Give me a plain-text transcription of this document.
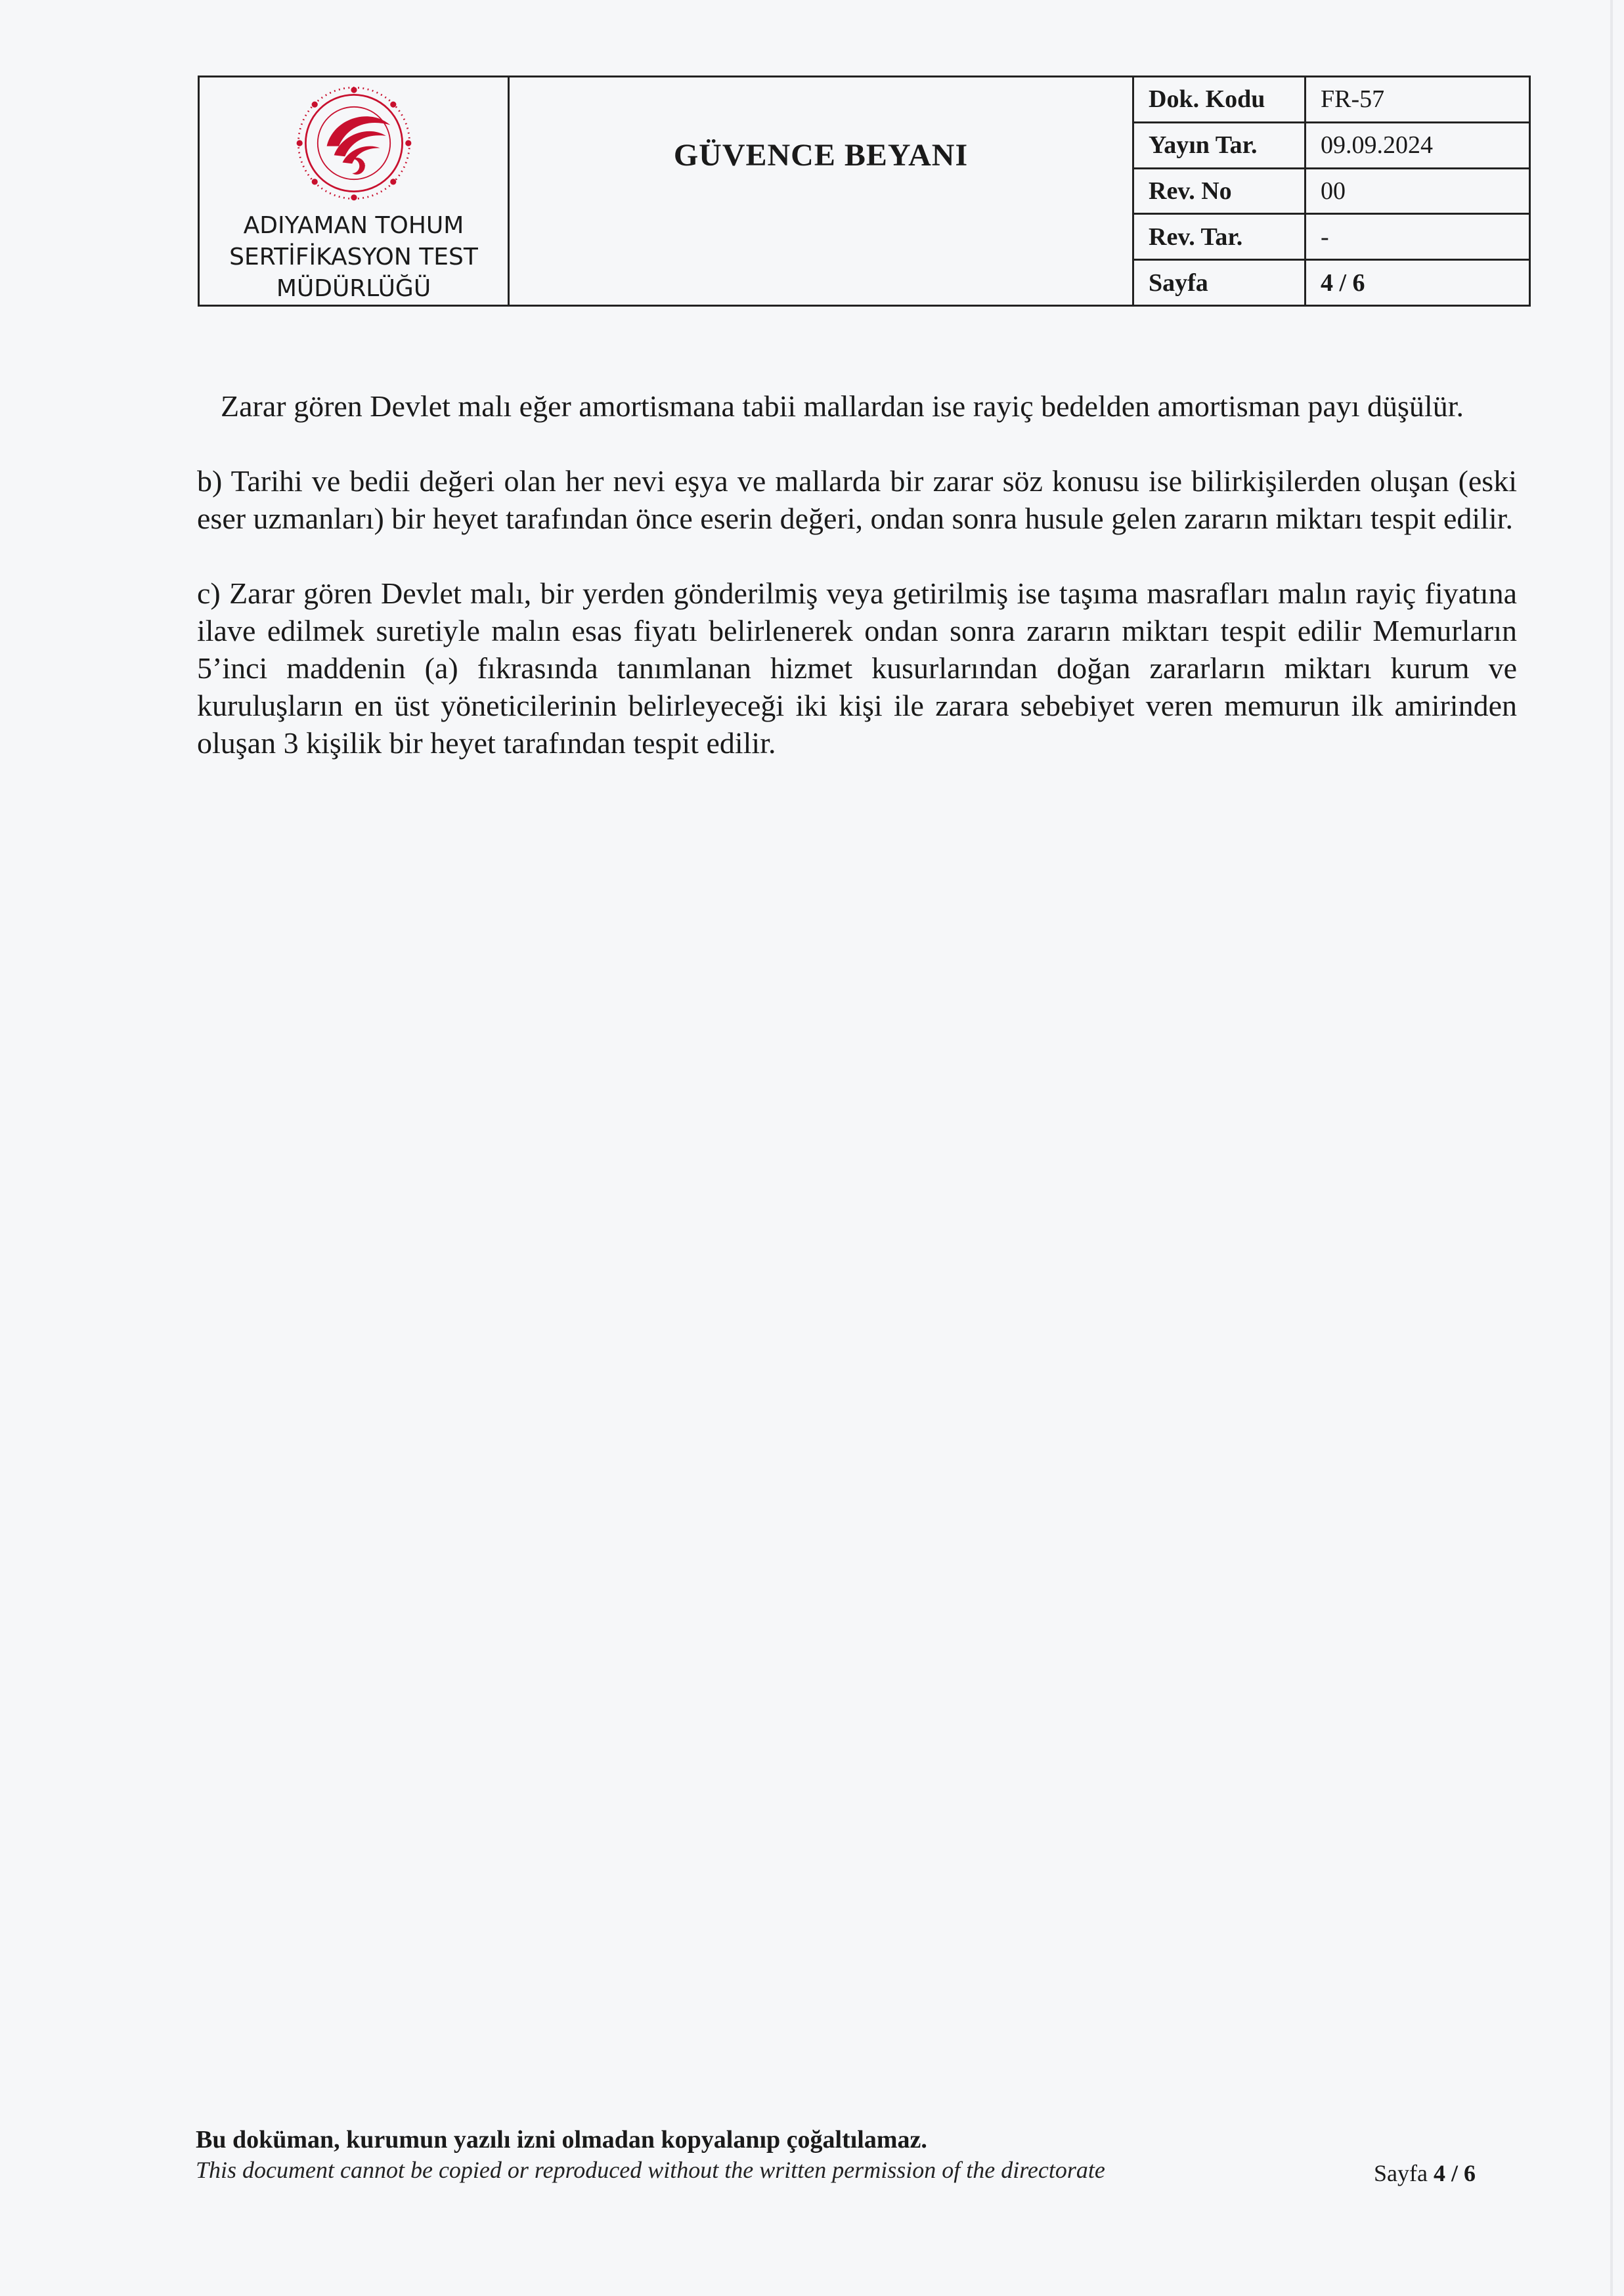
ADIYAMAN TOHUM
SERTİFİKASYON TEST
MÜDÜRLÜĞÜ
GÜVENCE BEYANI
Dok. Kodu	FR-57
Yayın Tar.	09.09.2024
Rev. No	00
Rev. Tar.	-
Sayfa	4 / 6

Zarar gören Devlet malı eğer amortismana tabii mallardan ise rayiç bedelden amortisman payı düşülür.

b) Tarihi ve bedii değeri olan her nevi eşya ve mallarda bir zarar söz konusu ise bilirkişilerden oluşan (eski eser uzmanları) bir heyet tarafından önce eserin değeri, ondan sonra husule gelen zararın miktarı tespit edilir.

c) Zarar gören Devlet malı, bir yerden gönderilmiş veya getirilmiş ise taşıma masrafları malın rayiç fiyatına ilave edilmek suretiyle malın esas fiyatı belirlenerek ondan sonra zararın miktarı tespit edilir Memurların 5’inci maddenin (a) fıkrasında tanımlanan hizmet kusurlarından doğan zararların miktarı kurum ve kuruluşların en üst yöneticilerinin belirleyeceği iki kişi ile zarara sebebiyet veren memurun ilk amirinden oluşan 3 kişilik bir heyet tarafından tespit edilir.

Bu doküman, kurumun yazılı izni olmadan kopyalanıp çoğaltılamaz.
This document cannot be copied or reproduced without the written permission of the directorate	Sayfa 4 / 6
